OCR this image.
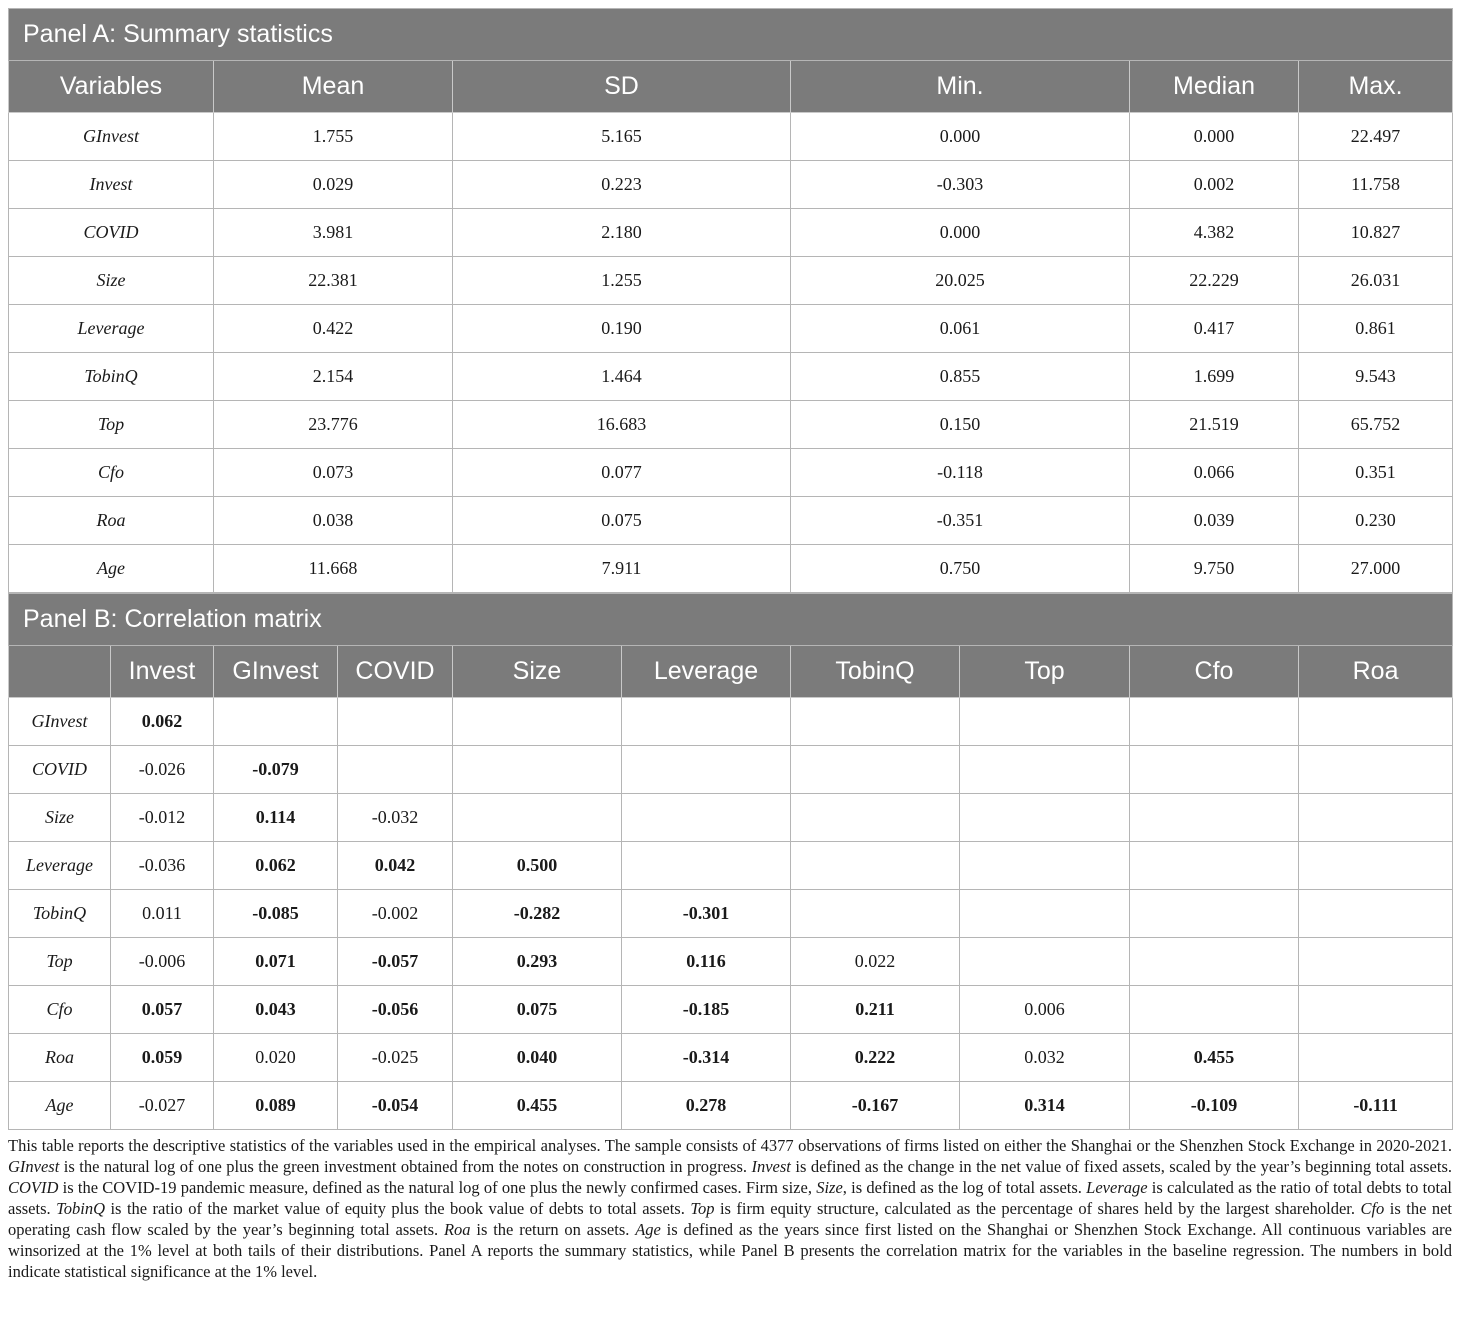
Panel A: Summary statistics					
Variables	Mean	SD	Min.	Median	Max.
GInvest	1.755	5.165	0.000	0.000	22.497
Invest	0.029	0.223	-0.303	0.002	11.758
COVID	3.981	2.180	0.000	4.382	10.827
Size	22.381	1.255	20.025	22.229	26.031
Leverage	0.422	0.190	0.061	0.417	0.861
TobinQ	2.154	1.464	0.855	1.699	9.543
Top	23.776	16.683	0.150	21.519	65.752
Cfo	0.073	0.077	-0.118	0.066	0.351
Roa	0.038	0.075	-0.351	0.039	0.230
Age	11.668	7.911	0.750	9.750	27.000
Panel B: Correlation matrix									
	Invest	GInvest	COVID	Size	Leverage	TobinQ	Top	Cfo	Roa
GInvest	0.062								
COVID	-0.026	-0.079							
Size	-0.012	0.114	-0.032						
Leverage	-0.036	0.062	0.042	0.500					
TobinQ	0.011	-0.085	-0.002	-0.282	-0.301				
Top	-0.006	0.071	-0.057	0.293	0.116	0.022			
Cfo	0.057	0.043	-0.056	0.075	-0.185	0.211	0.006		
Roa	0.059	0.020	-0.025	0.040	-0.314	0.222	0.032	0.455	
Age	-0.027	0.089	-0.054	0.455	0.278	-0.167	0.314	-0.109	-0.111
This table reports the descriptive statistics of the variables used in the empirical analyses. The sample consists of 4377 observations of firms listed on either the Shanghai or the Shenzhen Stock Exchange in 2020-2021. GInvest is the natural log of one plus the green investment obtained from the notes on construction in progress. Invest is defined as the change in the net value of fixed assets, scaled by the year’s beginning total assets. COVID is the COVID-19 pandemic measure, defined as the natural log of one plus the newly confirmed cases. Firm size, Size, is defined as the log of total assets. Leverage is calculated as the ratio of total debts to total assets. TobinQ is the ratio of the market value of equity plus the book value of debts to total assets. Top is firm equity structure, calculated as the percentage of shares held by the largest shareholder. Cfo is the net operating cash flow scaled by the year’s beginning total assets. Roa is the return on assets. Age is defined as the years since first listed on the Shanghai or Shenzhen Stock Exchange. All continuous variables are winsorized at the 1% level at both tails of their distributions. Panel A reports the summary statistics, while Panel B presents the correlation matrix for the variables in the baseline regression. The numbers in bold indicate statistical significance at the 1% level.
